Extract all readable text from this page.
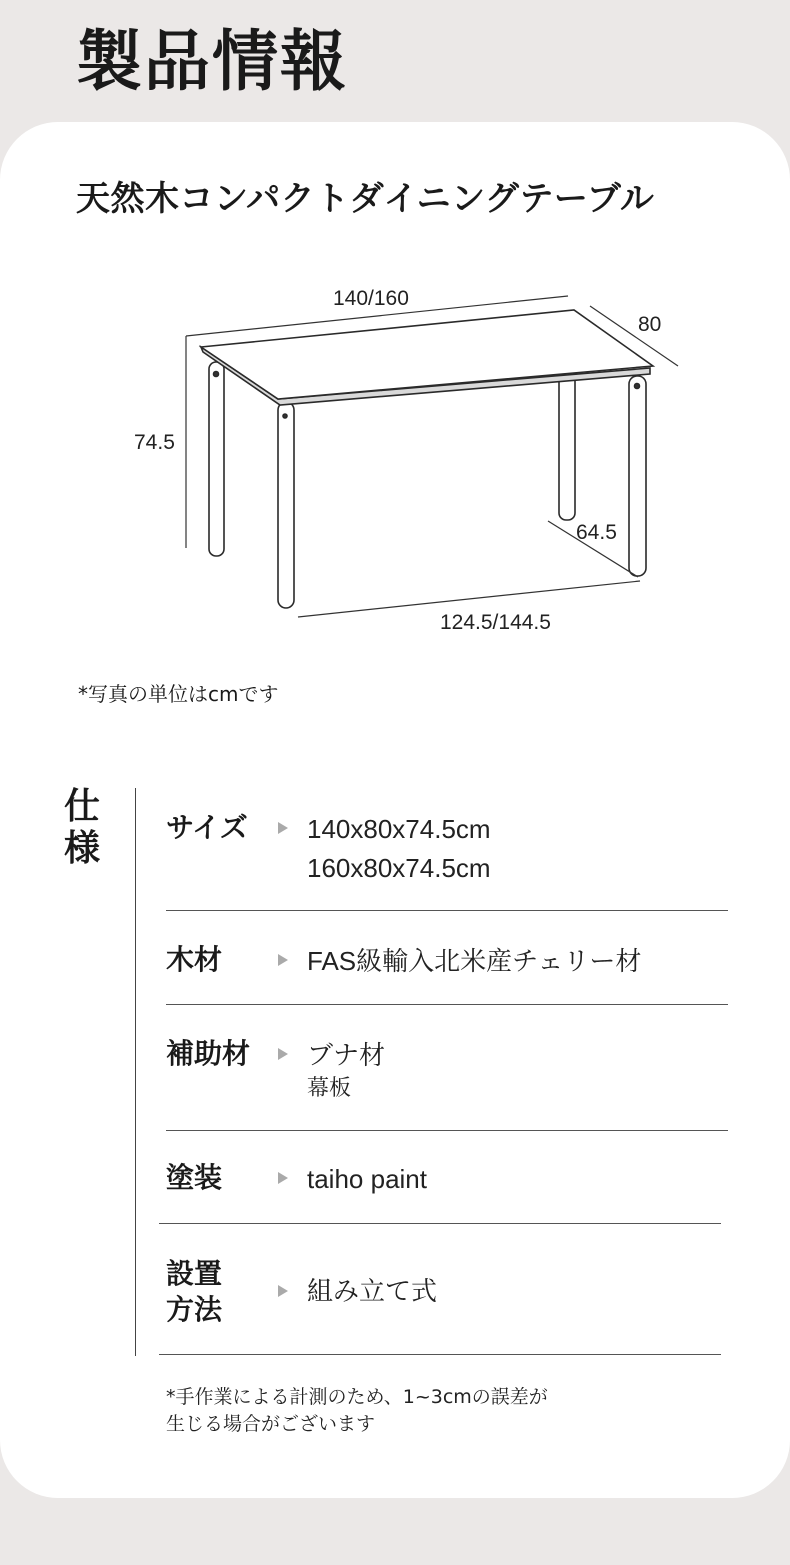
製品情報
天然木コンパクトダイニングテーブル
140/160
80
74.5
64.5
124.5/144.5
*写真の単位はcmです
仕様
サイズ 140x80x74.5cm
160x80x74.5cm
木材	FAS級輸入北米産チェリー材
補助材 ブナ材
幕板
塗装	taiho paint
設置
方法
組み立て式
*手作業による計測のため、1~3cmの誤差が
生じる場合がございます
